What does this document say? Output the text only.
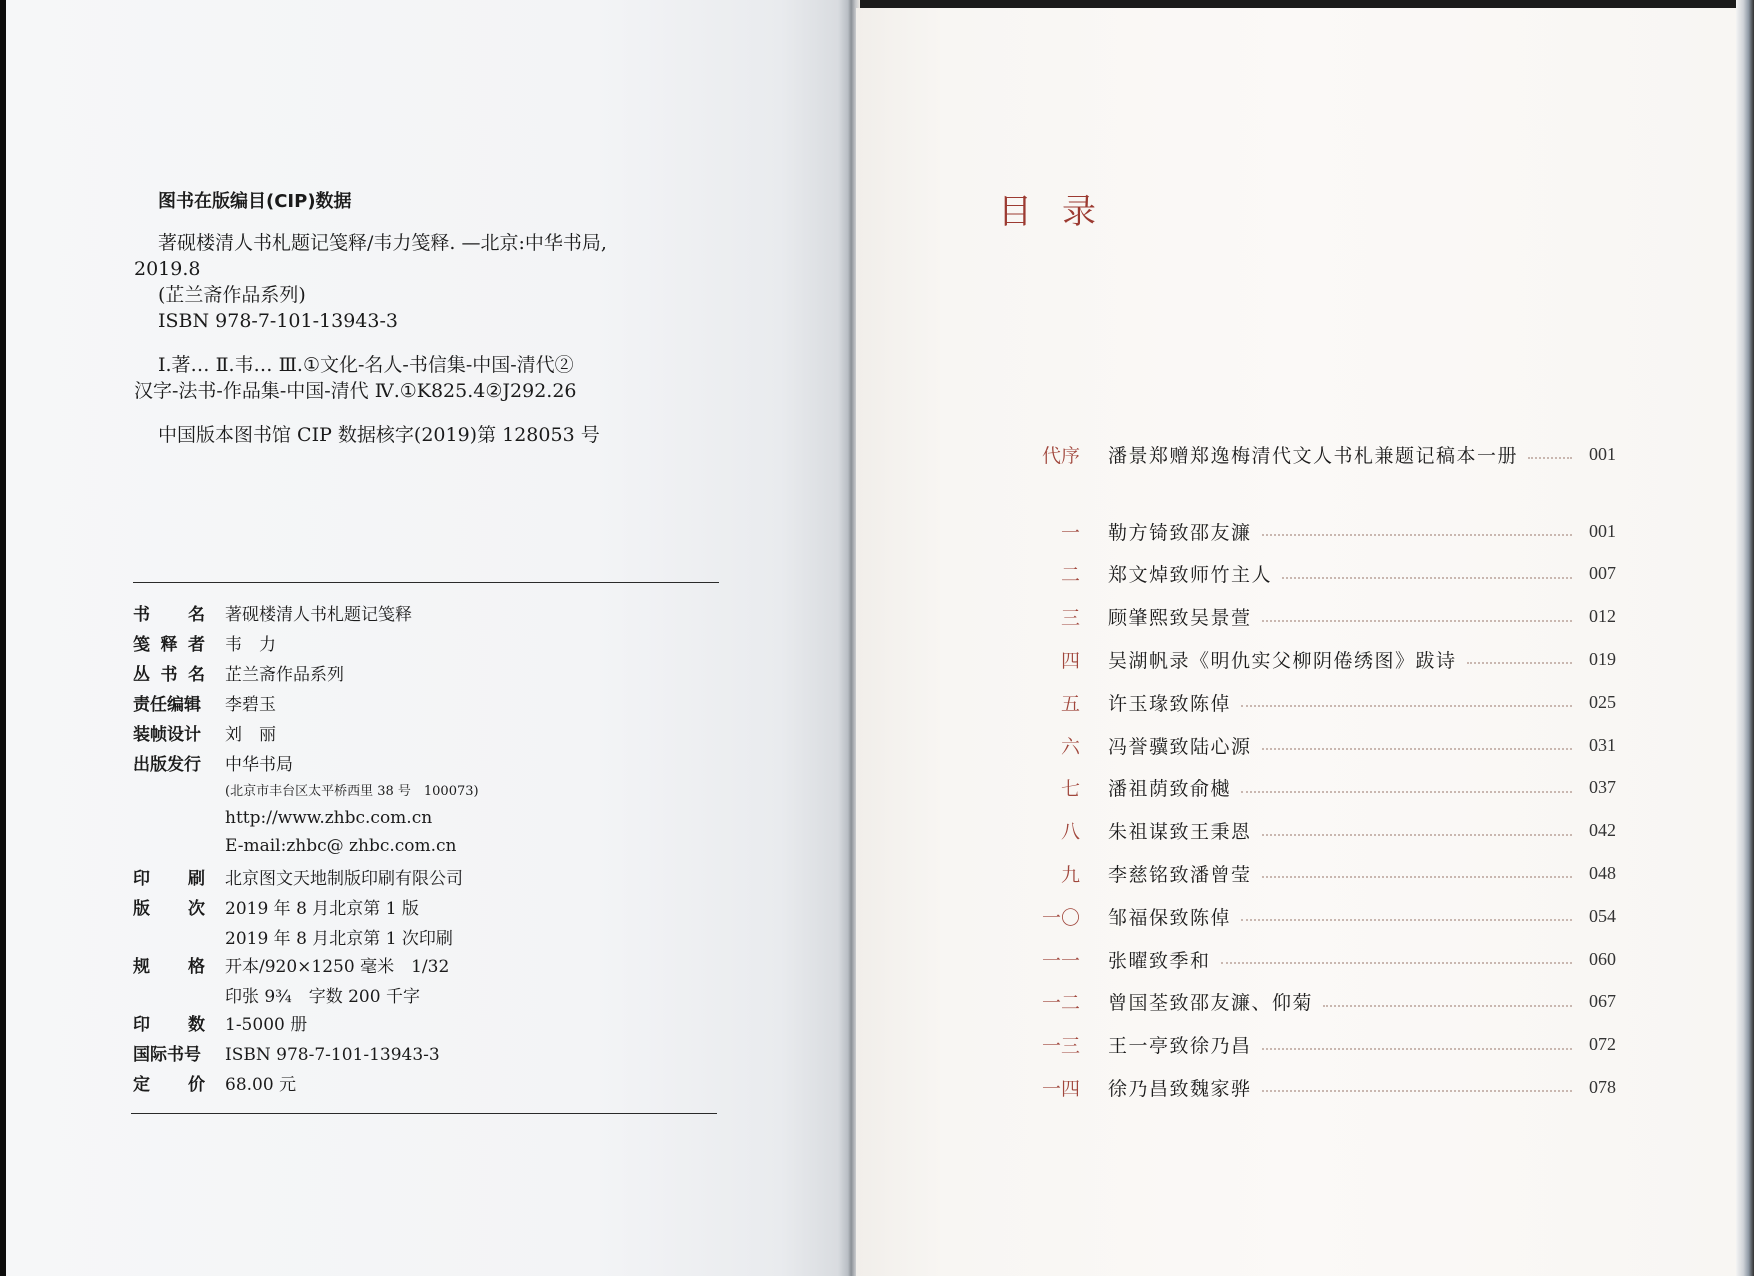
图书在版编目(CIP)数据

著砚楼清人书札题记笺释/韦力笺释. —北京:中华书局,

2019.8

(芷兰斋作品系列)

ISBN 978-7-101-13943-3

Ⅰ.著… Ⅱ.韦… Ⅲ.①文化-名人-书信集-中国-清代②

汉字-法书-作品集-中国-清代 Ⅳ.①K825.4②J292.26

中国版本图书馆 CIP 数据核字(2019)第 128053 号

书 名 著砚楼清人书札题记笺释
笺 释 者 韦　力
丛 书 名 芷兰斋作品系列
责任编辑	李碧玉
装帧设计	刘　丽
出版发行	中华书局
(北京市丰台区太平桥西里 38 号　100073)
http://www.zhbc.com.cn
E-mail:zhbc@ zhbc.com.cn
印 刷 北京图文天地制版印刷有限公司
版 次 2019 年 8 月北京第 1 版
2019 年 8 月北京第 1 次印刷
规 格 开本/920×1250 毫米　1/32
印张 9¾　字数 200 千字
印 数 1-5000 册
国际书号	ISBN 978-7-101-13943-3
定 价 68.00 元
目录
代序 潘景郑赠郑逸梅清代文人书札兼题记稿本一册	001
一 勒方锜致邵友濂	001
二 郑文焯致师竹主人	007
三 顾肇熙致吴景萱	012
四 吴湖帆录《明仇实父柳阴倦绣图》跋诗	019
五 许玉瑑致陈倬	025
六 冯誉骥致陆心源	031
七 潘祖荫致俞樾	037
八 朱祖谋致王秉恩	042
九 李慈铭致潘曾莹	048
一〇 邹福保致陈倬	054
一一 张曜致季和	060
一二 曾国荃致邵友濂、仰菊	067
一三 王一亭致徐乃昌	072
一四 徐乃昌致魏家骅	078
